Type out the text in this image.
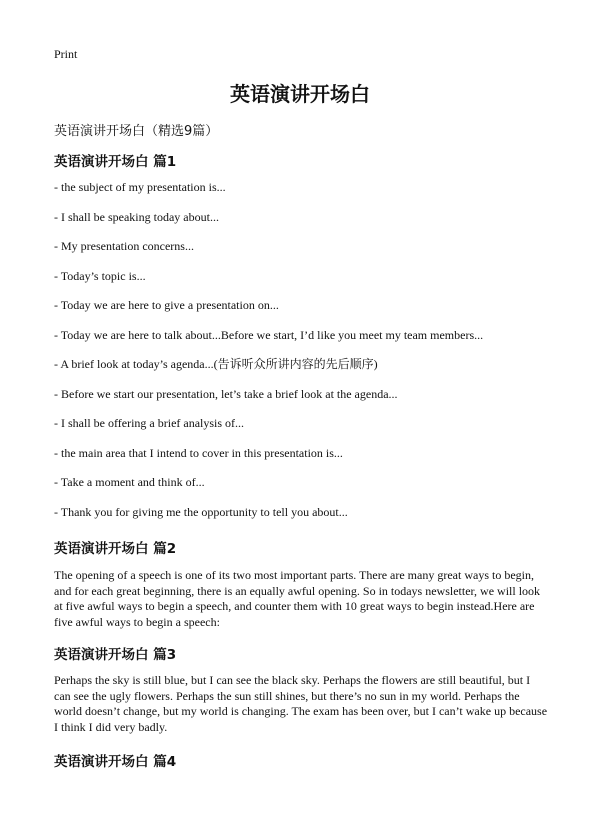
Print
英语演讲开场白
英语演讲开场白（精选9篇）
英语演讲开场白 篇1
- the subject of my presentation is...
- I shall be speaking today about...
- My presentation concerns...
- Today’s topic is...
- Today we are here to give a presentation on...
- Today we are here to talk about...Before we start, I’d like you meet my team members...
- A brief look at today’s agenda...(告诉听众所讲内容的先后顺序)
- Before we start our presentation, let’s take a brief look at the agenda...
- I shall be offering a brief analysis of...
- the main area that I intend to cover in this presentation is...
- Take a moment and think of...
- Thank you for giving me the opportunity to tell you about...
英语演讲开场白 篇2
The opening of a speech is one of its two most important parts. There are many great ways to begin, and for each great beginning, there is an equally awful opening. So in todays newsletter, we will look at five awful ways to begin a speech, and counter them with 10 great ways to begin instead.Here are five awful ways to begin a speech:
英语演讲开场白 篇3
Perhaps the sky is still blue, but I can see the black sky. Perhaps the flowers are still beautiful, but I can see the ugly flowers. Perhaps the sun still shines, but there’s no sun in my world. Perhaps the world doesn’t change, but my world is changing. The exam has been over, but I can’t wake up because I think I did very badly.
英语演讲开场白 篇4
